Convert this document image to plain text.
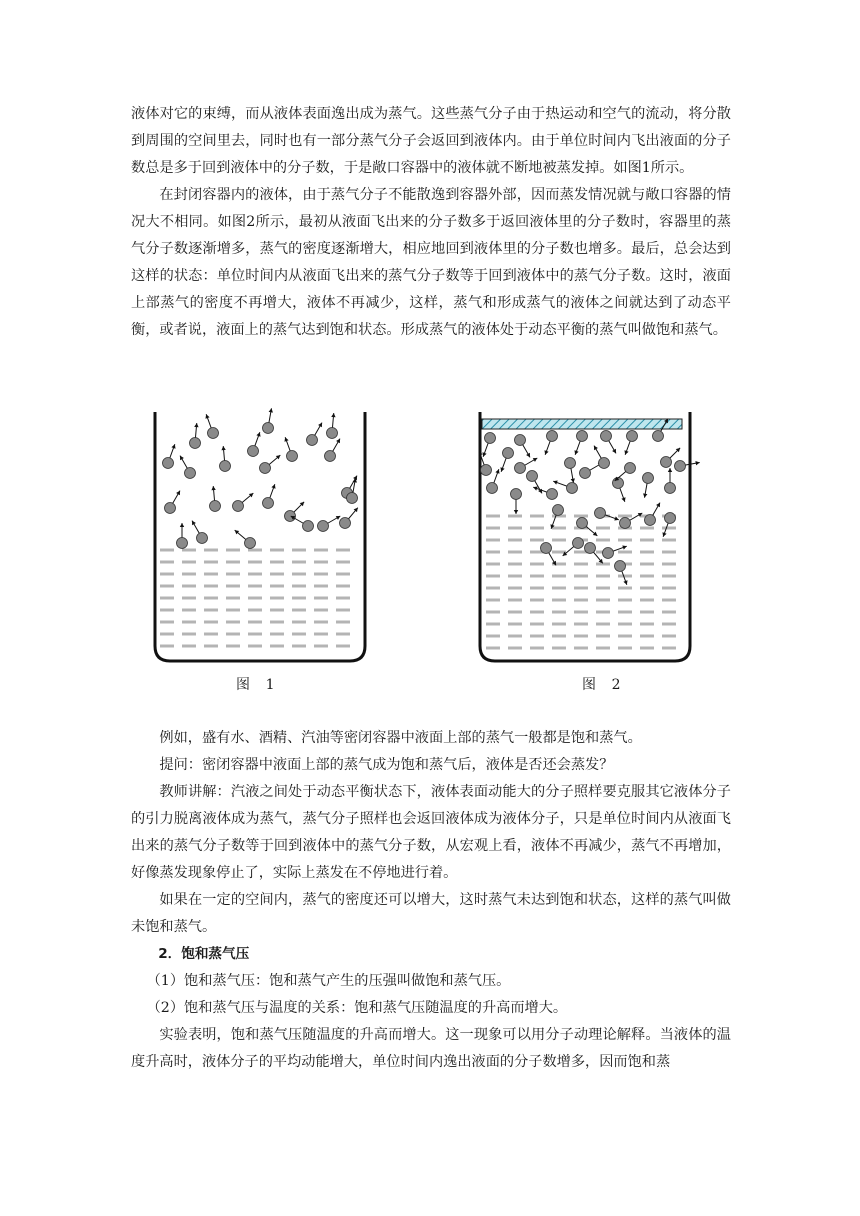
液体对它的束缚，而从液体表面逸出成为蒸气。这些蒸气分子由于热运动和空气的流动，将分散到周围的空间里去，同时也有一部分蒸气分子会返回到液体内。由于单位时间内飞出液面的分子数总是多于回到液体中的分子数，于是敞口容器中的液体就不断地被蒸发掉。如图1所示。

在封闭容器内的液体，由于蒸气分子不能散逸到容器外部，因而蒸发情况就与敞口容器的情况大不相同。如图2所示，最初从液面飞出来的分子数多于返回液体里的分子数时，容器里的蒸气分子数逐渐增多，蒸气的密度逐渐增大，相应地回到液体里的分子数也增多。最后，总会达到这样的状态：单位时间内从液面飞出来的蒸气分子数等于回到液体中的蒸气分子数。这时，液面上部蒸气的密度不再增大，液体不再减少，这样，蒸气和形成蒸气的液体之间就达到了动态平衡，或者说，液面上的蒸气达到饱和状态。形成蒸气的液体处于动态平衡的蒸气叫做饱和蒸气。

图 1	图 2

例如，盛有水、酒精、汽油等密闭容器中液面上部的蒸气一般都是饱和蒸气。

提问：密闭容器中液面上部的蒸气成为饱和蒸气后，液体是否还会蒸发？

教师讲解：汽液之间处于动态平衡状态下，液体表面动能大的分子照样要克服其它液体分子的引力脱离液体成为蒸气，蒸气分子照样也会返回液体成为液体分子，只是单位时间内从液面飞出来的蒸气分子数等于回到液体中的蒸气分子数，从宏观上看，液体不再减少，蒸气不再增加，好像蒸发现象停止了，实际上蒸发在不停地进行着。

如果在一定的空间内，蒸气的密度还可以增大，这时蒸气未达到饱和状态，这样的蒸气叫做未饱和蒸气。

2．饱和蒸气压

（1）饱和蒸气压：饱和蒸气产生的压强叫做饱和蒸气压。

（2）饱和蒸气压与温度的关系：饱和蒸气压随温度的升高而增大。

实验表明，饱和蒸气压随温度的升高而增大。这一现象可以用分子动理论解释。当液体的温度升高时，液体分子的平均动能增大，单位时间内逸出液面的分子数增多，因而饱和蒸
